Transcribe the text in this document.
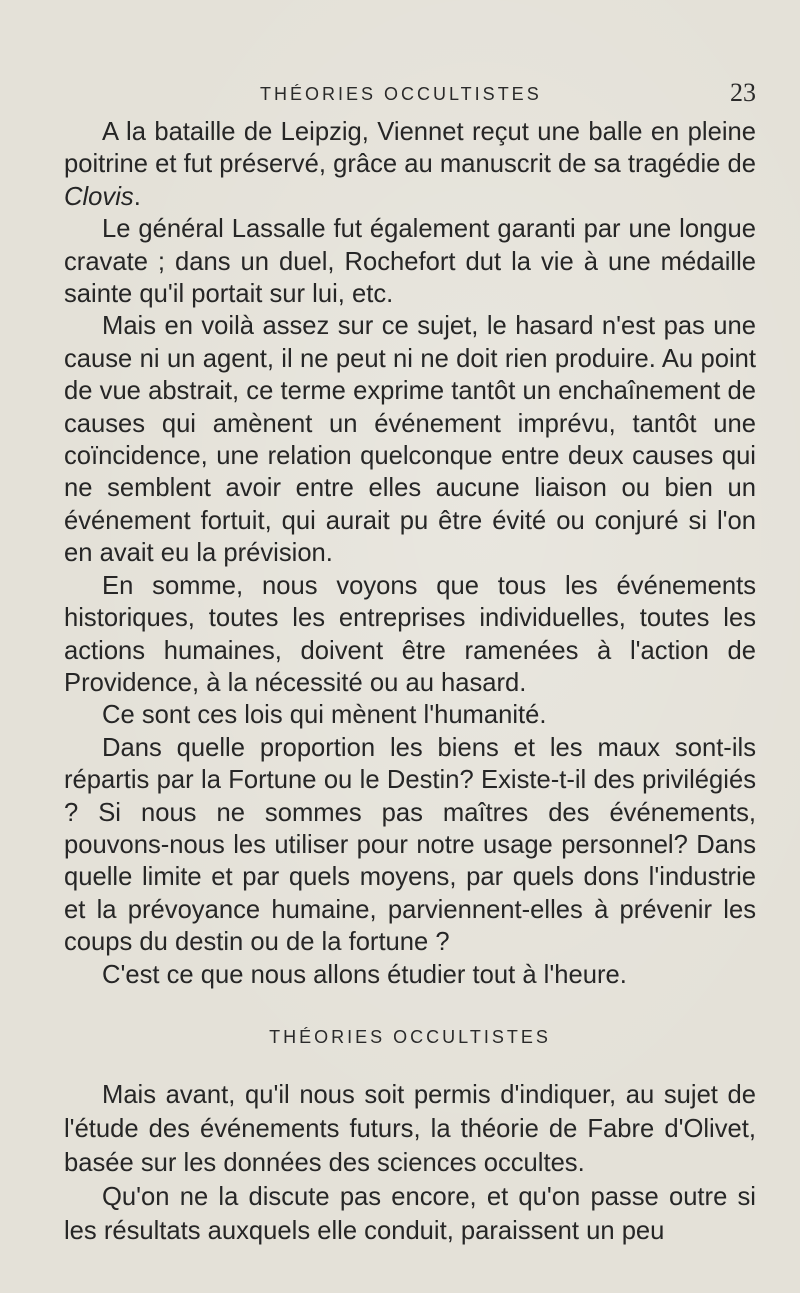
THÉORIES OCCULTISTES	23

A la bataille de Leipzig, Viennet reçut une balle en pleine poitrine et fut préservé, grâce au manuscrit de sa tragédie de Clovis.

Le général Lassalle fut également garanti par une longue cravate ; dans un duel, Rochefort dut la vie à une médaille sainte qu'il portait sur lui, etc.

Mais en voilà assez sur ce sujet, le hasard n'est pas une cause ni un agent, il ne peut ni ne doit rien produire. Au point de vue abstrait, ce terme exprime tantôt un enchaînement de causes qui amènent un événement imprévu, tantôt une coïncidence, une relation quelconque entre deux causes qui ne semblent avoir entre elles aucune liaison ou bien un événement fortuit, qui aurait pu être évité ou conjuré si l'on en avait eu la prévision.

En somme, nous voyons que tous les événements historiques, toutes les entreprises individuelles, toutes les actions humaines, doivent être ramenées à l'action de Providence, à la nécessité ou au hasard.

Ce sont ces lois qui mènent l'humanité.

Dans quelle proportion les biens et les maux sont-ils répartis par la Fortune ou le Destin? Existe-t-il des privilégiés ? Si nous ne sommes pas maîtres des événements, pouvons-nous les utiliser pour notre usage personnel? Dans quelle limite et par quels moyens, par quels dons l'industrie et la prévoyance humaine, parviennent-elles à prévenir les coups du destin ou de la fortune ?

C'est ce que nous allons étudier tout à l'heure.

THÉORIES OCCULTISTES

Mais avant, qu'il nous soit permis d'indiquer, au sujet de l'étude des événements futurs, la théorie de Fabre d'Olivet, basée sur les données des sciences occultes.

Qu'on ne la discute pas encore, et qu'on passe outre si les résultats auxquels elle conduit, paraissent un peu
